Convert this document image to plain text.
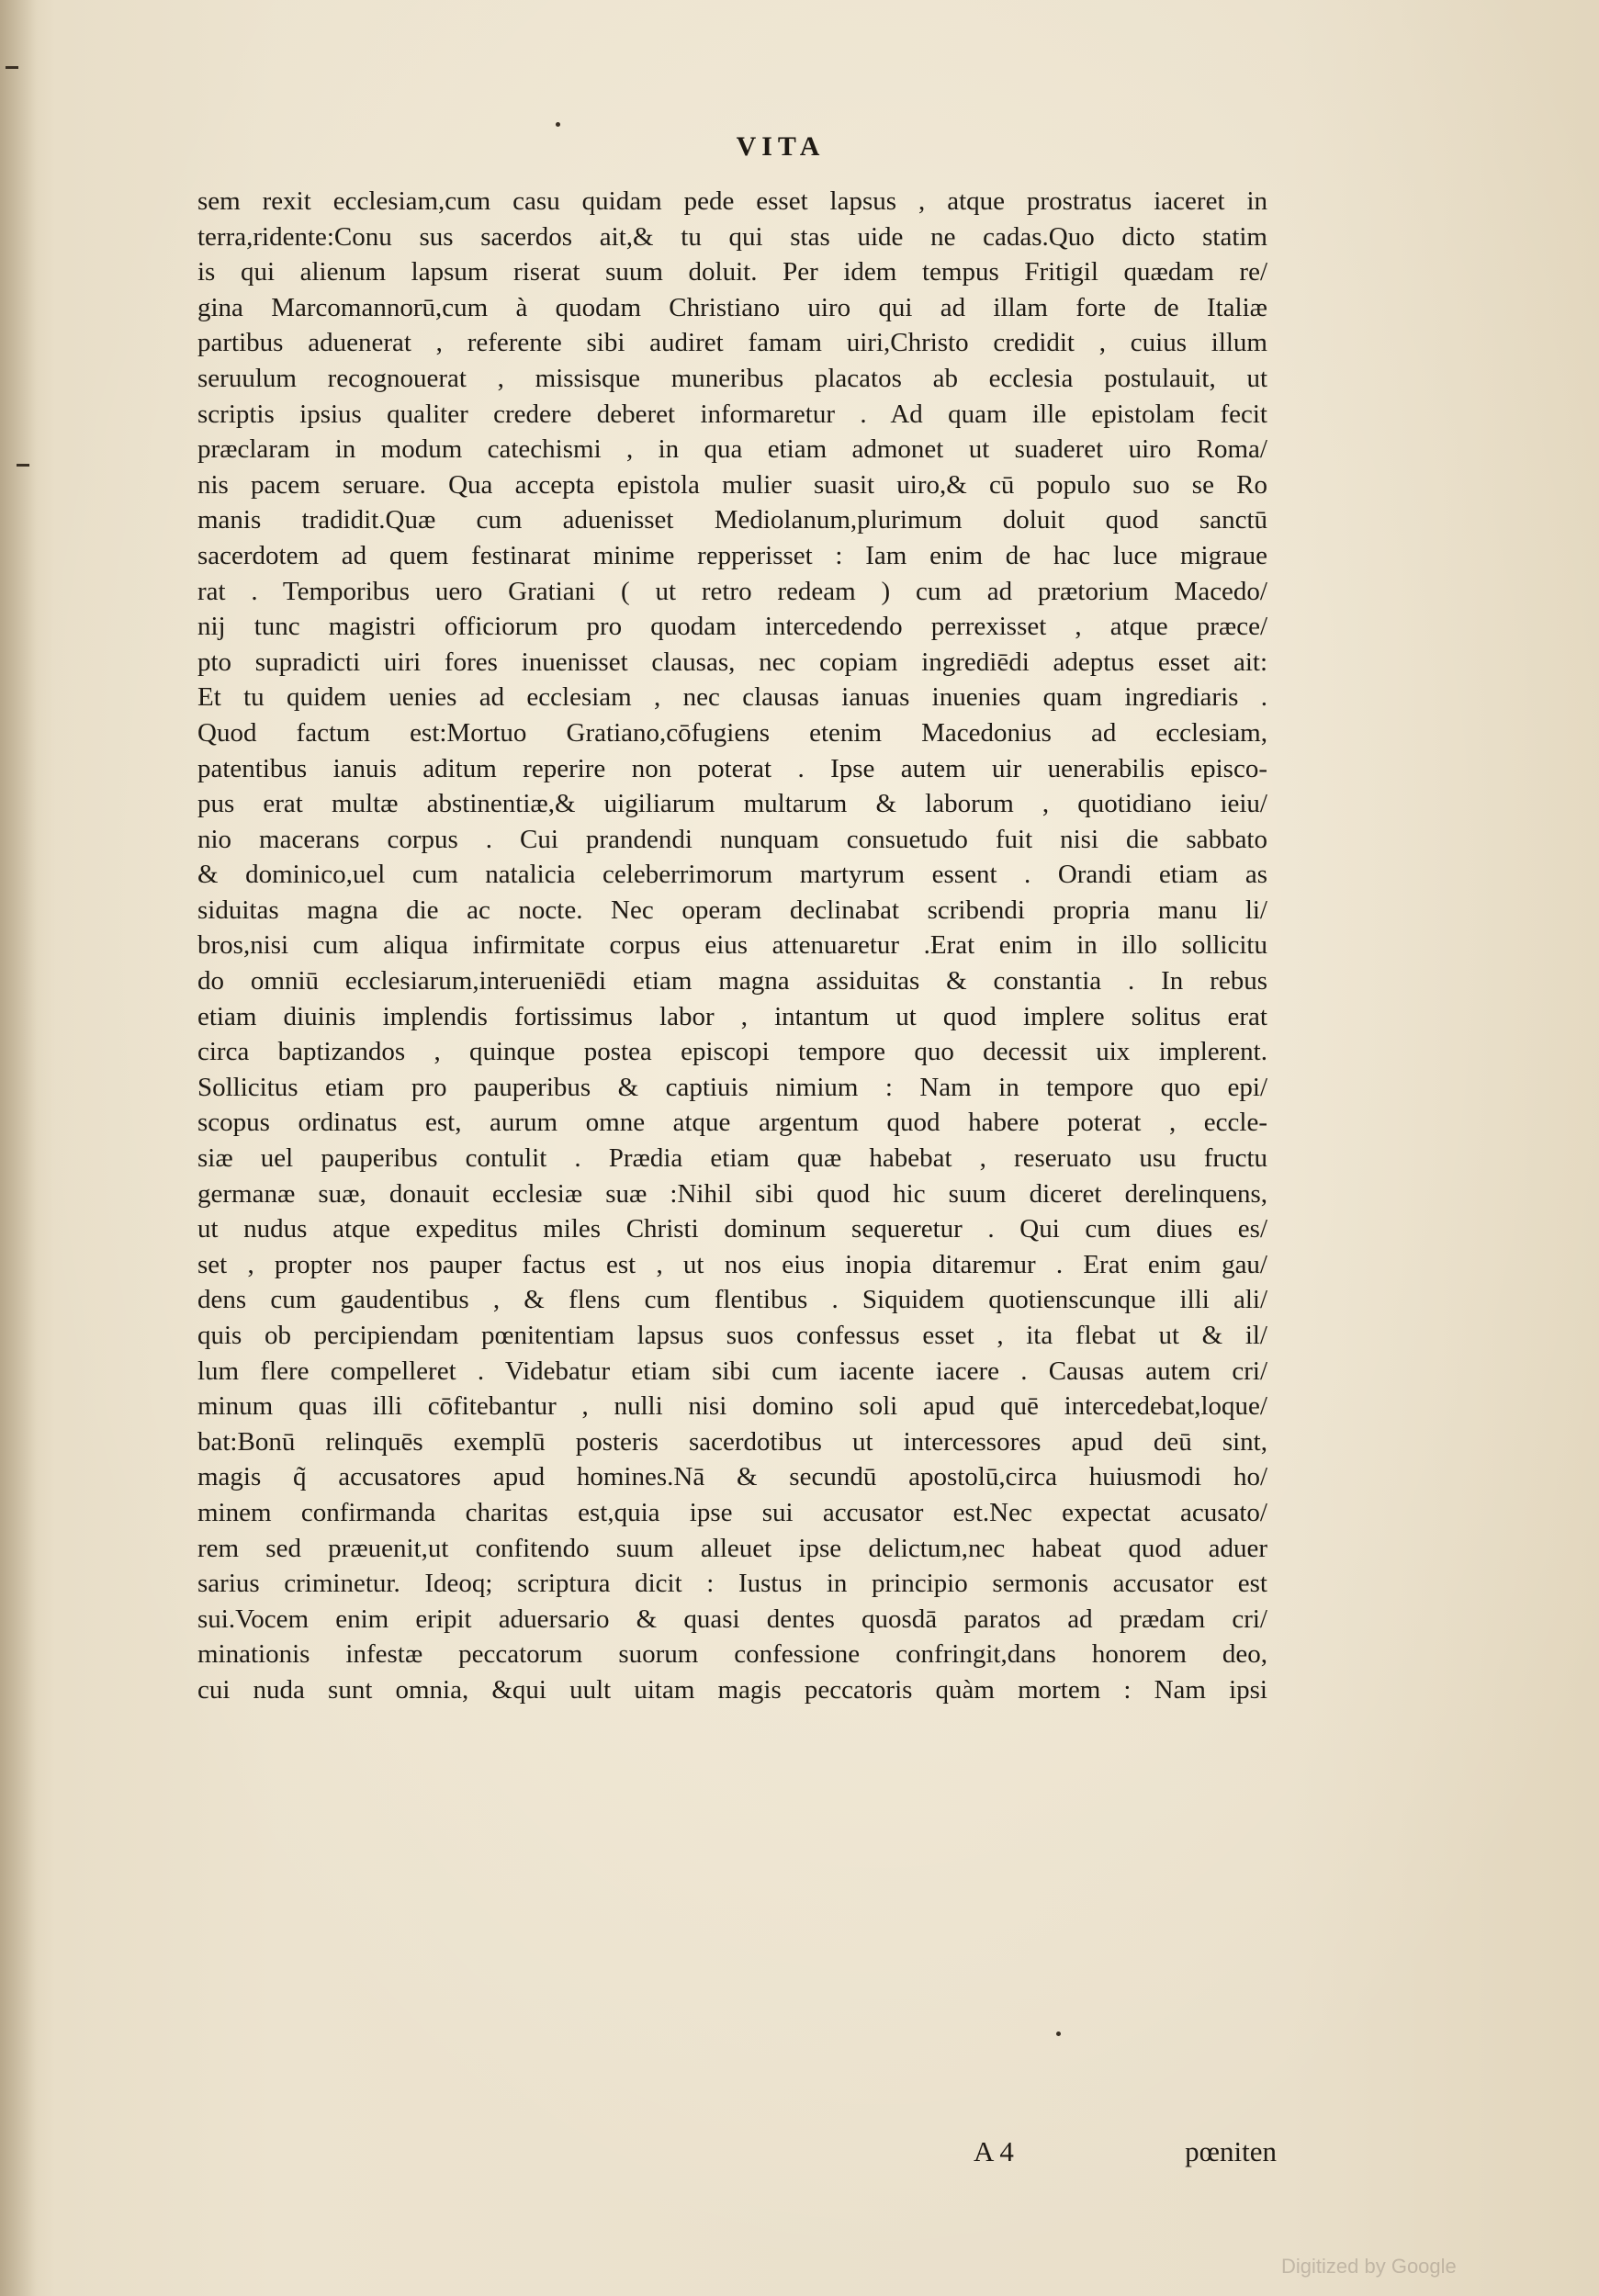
VITA
sem rexit ecclesiam,cum casu quidam pede esset lapsus , atque prostratus iaceret in
terra,ridente:Conu sus sacerdos ait,& tu qui stas uide ne cadas.Quo dicto statim
is qui alienum lapsum riserat suum doluit. Per idem tempus Fritigil quædam re/
gina Marcomannorū,cum à quodam Christiano uiro qui ad illam forte de Italiæ
partibus aduenerat , referente sibi audiret famam uiri,Christo credidit , cuius illum
seruulum recognouerat , missisque muneribus placatos ab ecclesia postulauit, ut
scriptis ipsius qualiter credere deberet informaretur . Ad quam ille epistolam fecit
præclaram in modum catechismi , in qua etiam admonet ut suaderet uiro Roma/
nis pacem seruare. Qua accepta epistola mulier suasit uiro,& cū populo suo se Ro
manis tradidit.Quæ cum aduenisset Mediolanum,plurimum doluit quod sanctū
sacerdotem ad quem festinarat minime repperisset : Iam enim de hac luce migraue
rat . Temporibus uero Gratiani ( ut retro redeam ) cum ad prætorium Macedo/
nij tunc magistri officiorum pro quodam intercedendo perrexisset , atque præce/
pto supradicti uiri fores inuenisset clausas, nec copiam ingrediēdi adeptus esset ait:
Et tu quidem uenies ad ecclesiam , nec clausas ianuas inuenies quam ingrediaris .
Quod factum est:Mortuo Gratiano,cōfugiens etenim Macedonius ad ecclesiam,
patentibus ianuis aditum reperire non poterat . Ipse autem uir uenerabilis episco-
pus erat multæ abstinentiæ,& uigiliarum multarum & laborum , quotidiano ieiu/
nio macerans corpus . Cui prandendi nunquam consuetudo fuit nisi die sabbato
& dominico,uel cum natalicia celeberrimorum martyrum essent . Orandi etiam as
siduitas magna die ac nocte. Nec operam declinabat scribendi propria manu li/
bros,nisi cum aliqua infirmitate corpus eius attenuaretur .Erat enim in illo sollicitu
do omniū ecclesiarum,interueniēdi etiam magna assiduitas & constantia . In rebus
etiam diuinis implendis fortissimus labor , intantum ut quod implere solitus erat
circa baptizandos , quinque postea episcopi tempore quo decessit uix implerent.
Sollicitus etiam pro pauperibus & captiuis nimium : Nam in tempore quo epi/
scopus ordinatus est, aurum omne atque argentum quod habere poterat , eccle-
siæ uel pauperibus contulit . Prædia etiam quæ habebat , reseruato usu fructu
germanæ suæ, donauit ecclesiæ suæ :Nihil sibi quod hic suum diceret derelinquens,
ut nudus atque expeditus miles Christi dominum sequeretur . Qui cum diues es/
set , propter nos pauper factus est , ut nos eius inopia ditaremur . Erat enim gau/
dens cum gaudentibus , & flens cum flentibus . Siquidem quotienscunque illi ali/
quis ob percipiendam pœnitentiam lapsus suos confessus esset , ita flebat ut & il/
lum flere compelleret . Videbatur etiam sibi cum iacente iacere . Causas autem cri/
minum quas illi cōfitebantur , nulli nisi domino soli apud quē intercedebat,loque/
bat:Bonū relinquēs exemplū posteris sacerdotibus ut intercessores apud deū sint,
magis q̃ accusatores apud homines.Nā & secundū apostolū,circa huiusmodi ho/
minem confirmanda charitas est,quia ipse sui accusator est.Nec expectat acusato/
rem sed præuenit,ut confitendo suum alleuet ipse delictum,nec habeat quod aduer
sarius criminetur. Ideoq; scriptura dicit : Iustus in principio sermonis accusator est
sui.Vocem enim eripit aduersario & quasi dentes quosdā paratos ad prædam cri/
minationis infestæ peccatorum suorum confessione confringit,dans honorem deo,
cui nuda sunt omnia, &qui uult uitam magis peccatoris quàm mortem : Nam ipsi
A 4	pœniten
Digitized by Google
